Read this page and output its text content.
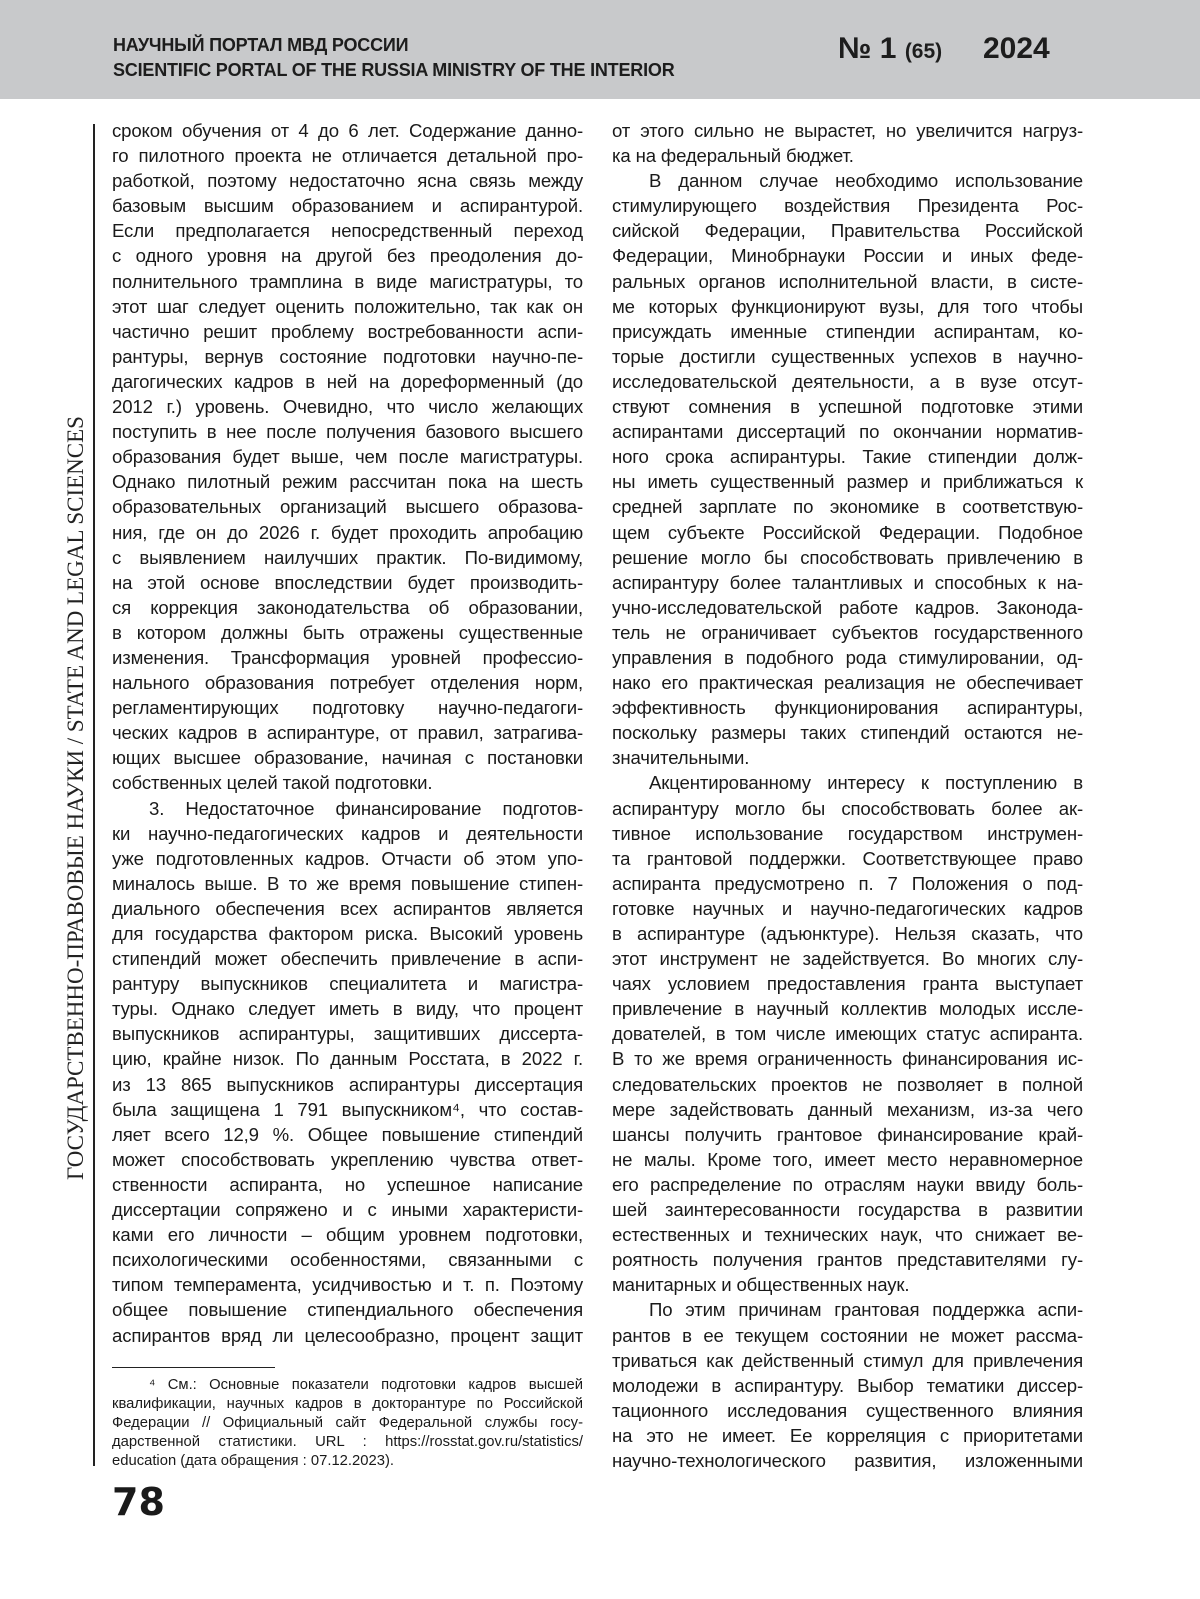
НАУЧНЫЙ ПОРТАЛ МВД РОССИИ
SCIENTIFIC PORTAL OF THE RUSSIA MINISTRY OF THE INTERIOR
№ 1 (65) 2024
ГОСУДАРСТВЕННО-ПРАВОВЫЕ НАУКИ / STATE AND LEGAL SCIENCES
сроком обучения от 4 до 6 лет. Содержание данно-
го пилотного проекта не отличается детальной про-
работкой, поэтому недостаточно ясна связь между
базовым высшим образованием и аспирантурой.
Если предполагается непосредственный переход
с одного уровня на другой без преодоления до-
полнительного трамплина в виде магистратуры, то
этот шаг следует оценить положительно, так как он
частично решит проблему востребованности аспи-
рантуры, вернув состояние подготовки научно-пе-
дагогических кадров в ней на дореформенный (до
2012 г.) уровень. Очевидно, что число желающих
поступить в нее после получения базового высшего
образования будет выше, чем после магистратуры.
Однако пилотный режим рассчитан пока на шесть
образовательных организаций высшего образова-
ния, где он до 2026 г. будет проходить апробацию
с выявлением наилучших практик. По-видимому,
на этой основе впоследствии будет производить-
ся коррекция законодательства об образовании,
в котором должны быть отражены существенные
изменения. Трансформация уровней профессио-
нального образования потребует отделения норм,
регламентирующих подготовку научно-педагоги-
ческих кадров в аспирантуре, от правил, затрагива-
ющих высшее образование, начиная с постановки
собственных целей такой подготовки.
3. Недостаточное финансирование подготов-
ки научно-педагогических кадров и деятельности
уже подготовленных кадров. Отчасти об этом упо-
миналось выше. В то же время повышение стипен-
диального обеспечения всех аспирантов является
для государства фактором риска. Высокий уровень
стипендий может обеспечить привлечение в аспи-
рантуру выпускников специалитета и магистра-
туры. Однако следует иметь в виду, что процент
выпускников аспирантуры, защитивших диссерта-
цию, крайне низок. По данным Росстата, в 2022 г.
из 13 865 выпускников аспирантуры диссертация
была защищена 1 791 выпускником⁴, что состав-
ляет всего 12,9 %. Общее повышение стипендий
может способствовать укреплению чувства ответ-
ственности аспиранта, но успешное написание
диссертации сопряжено и с иными характеристи-
ками его личности – общим уровнем подготовки,
психологическими особенностями, связанными с
типом темперамента, усидчивостью и т. п. Поэтому
общее повышение стипендиального обеспечения
аспирантов вряд ли целесообразно, процент защит
от этого сильно не вырастет, но увеличится нагруз-
ка на федеральный бюджет.
В данном случае необходимо использование
стимулирующего воздействия Президента Рос-
сийской Федерации, Правительства Российской
Федерации, Минобрнауки России и иных феде-
ральных органов исполнительной власти, в систе-
ме которых функционируют вузы, для того чтобы
присуждать именные стипендии аспирантам, ко-
торые достигли существенных успехов в научно-
исследовательской деятельности, а в вузе отсут-
ствуют сомнения в успешной подготовке этими
аспирантами диссертаций по окончании норматив-
ного срока аспирантуры. Такие стипендии долж-
ны иметь существенный размер и приближаться к
средней зарплате по экономике в соответствую-
щем субъекте Российской Федерации. Подобное
решение могло бы способствовать привлечению в
аспирантуру более талантливых и способных к на-
учно-исследовательской работе кадров. Законода-
тель не ограничивает субъектов государственного
управления в подобного рода стимулировании, од-
нако его практическая реализация не обеспечивает
эффективность функционирования аспирантуры,
поскольку размеры таких стипендий остаются не-
значительными.
Акцентированному интересу к поступлению в
аспирантуру могло бы способствовать более ак-
тивное использование государством инструмен-
та грантовой поддержки. Соответствующее право
аспиранта предусмотрено п. 7 Положения о под-
готовке научных и научно-педагогических кадров
в аспирантуре (адъюнктуре). Нельзя сказать, что
этот инструмент не задействуется. Во многих слу-
чаях условием предоставления гранта выступает
привлечение в научный коллектив молодых иссле-
дователей, в том числе имеющих статус аспиранта.
В то же время ограниченность финансирования ис-
следовательских проектов не позволяет в полной
мере задействовать данный механизм, из-за чего
шансы получить грантовое финансирование край-
не малы. Кроме того, имеет место неравномерное
его распределение по отраслям науки ввиду боль-
шей заинтересованности государства в развитии
естественных и технических наук, что снижает ве-
роятность получения грантов представителями гу-
манитарных и общественных наук.
По этим причинам грантовая поддержка аспи-
рантов в ее текущем состоянии не может рассма-
триваться как действенный стимул для привлечения
молодежи в аспирантуру. Выбор тематики диссер-
тационного исследования существенного влияния
на это не имеет. Ее корреляция с приоритетами
научно-технологического развития, изложенными
⁴ См.: Основные показатели подготовки кадров высшей
квалификации, научных кадров в докторантуре по Российской
Федерации // Официальный сайт Федеральной службы госу-
дарственной статистики. URL : https://rosstat.gov.ru/statistics/
education (дата обращения : 07.12.2023).
78
